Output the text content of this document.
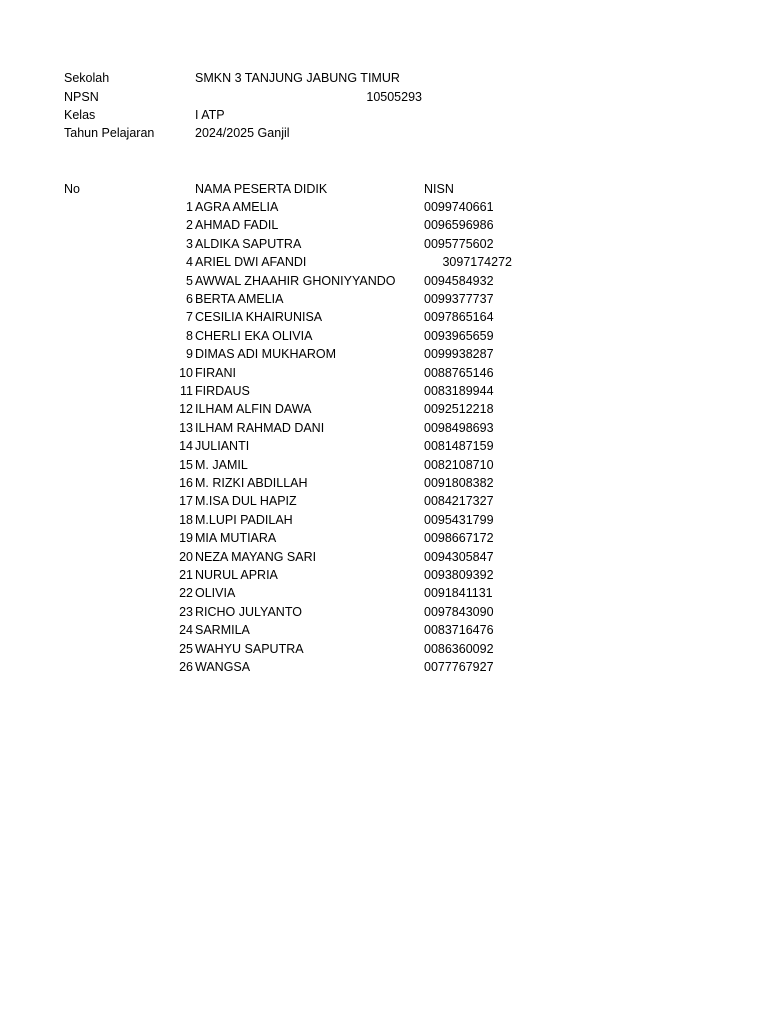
Sekolah	SMKN 3 TANJUNG JABUNG TIMUR
NPSN	10505293
Kelas	I ATP
Tahun Pelajaran	2024/2025 Ganjil
No	NAMA PESERTA DIDIK	NISN
1 AGRA AMELIA	0099740661
2 AHMAD FADIL	0096596986
3 ALDIKA SAPUTRA	0095775602
4 ARIEL DWI AFANDI	3097174272
5 AWWAL ZHAAHIR GHONIYYANDO 0094584932
6 BERTA AMELIA	0099377737
7 CESILIA KHAIRUNISA	0097865164
8 CHERLI EKA OLIVIA	0093965659
9 DIMAS ADI MUKHAROM	0099938287
10 FIRANI	0088765146
11 FIRDAUS	0083189944
12 ILHAM ALFIN DAWA	0092512218
13 ILHAM RAHMAD DANI	0098498693
14 JULIANTI	0081487159
15 M. JAMIL	0082108710
16 M. RIZKI ABDILLAH	0091808382
17 M.ISA DUL HAPIZ	0084217327
18 M.LUPI PADILAH	0095431799
19 MIA MUTIARA	0098667172
20 NEZA MAYANG SARI	0094305847
21 NURUL APRIA	0093809392
22 OLIVIA	0091841131
23 RICHO JULYANTO	0097843090
24 SARMILA	0083716476
25 WAHYU SAPUTRA	0086360092
26 WANGSA	0077767927
